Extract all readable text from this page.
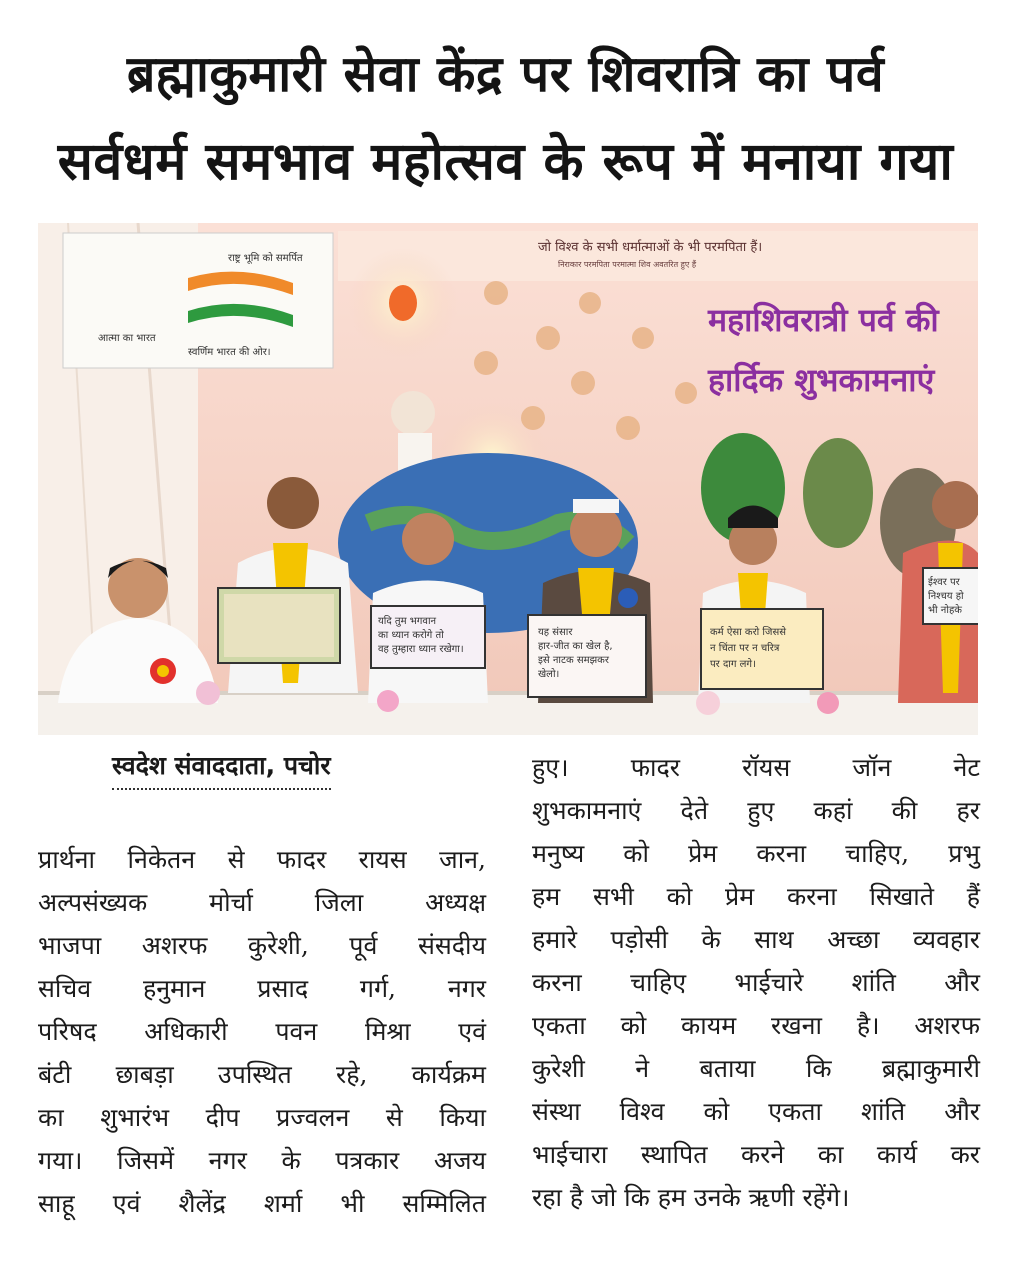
ब्रह्माकुमारी सेवा केंद्र पर शिवरात्रि का पर्व
सर्वधर्म समभाव महोत्सव के रूप में मनाया गया
राष्ट्र भूमि को समर्पित
स्वर्णिम भारत की ओर।
आत्मा का भारत
जो विश्व के सभी धर्मात्माओं के भी परमपिता हैं।
निराकार परमपिता परमात्मा शिव अवतरित हुए हैं
महाशिवरात्री पर्व की
हार्दिक शुभकामनाएं
यदि तुम भगवान
का ध्यान करोगे तो
वह तुम्हारा ध्यान रखेगा।
यह संसार
हार-जीत का खेल है,
इसे नाटक समझकर
खेलो।
कर्म ऐसा करो जिससे
न चिंता पर न चरित्र
पर दाग लगे।
ईश्वर पर
निश्चय हो
भी नोहके
स्वदेश संवाददाता, पचोर
प्रार्थना निकेतन से फादर रायस जान,
अल्पसंख्यक मोर्चा जिला अध्यक्ष
भाजपा अशरफ कुरेशी, पूर्व संसदीय
सचिव हनुमान प्रसाद गर्ग, नगर
परिषद अधिकारी पवन मिश्रा एवं
बंटी छाबड़ा उपस्थित रहे, कार्यक्रम
का शुभारंभ दीप प्रज्वलन से किया
गया। जिसमें नगर के पत्रकार अजय
साहू एवं शैलेंद्र शर्मा भी सम्मिलित
हुए। फादर रॉयस जॉन नेट
शुभकामनाएं देते हुए कहां की हर
मनुष्य को प्रेम करना चाहिए, प्रभु
हम सभी को प्रेम करना सिखाते हैं
हमारे पड़ोसी के साथ अच्छा व्यवहार
करना चाहिए भाईचारे शांति और
एकता को कायम रखना है। अशरफ
कुरेशी ने बताया कि ब्रह्माकुमारी
संस्था विश्व को एकता शांति और
भाईचारा स्थापित करने का कार्य कर
रहा है जो कि हम उनके ऋणी रहेंगे।
